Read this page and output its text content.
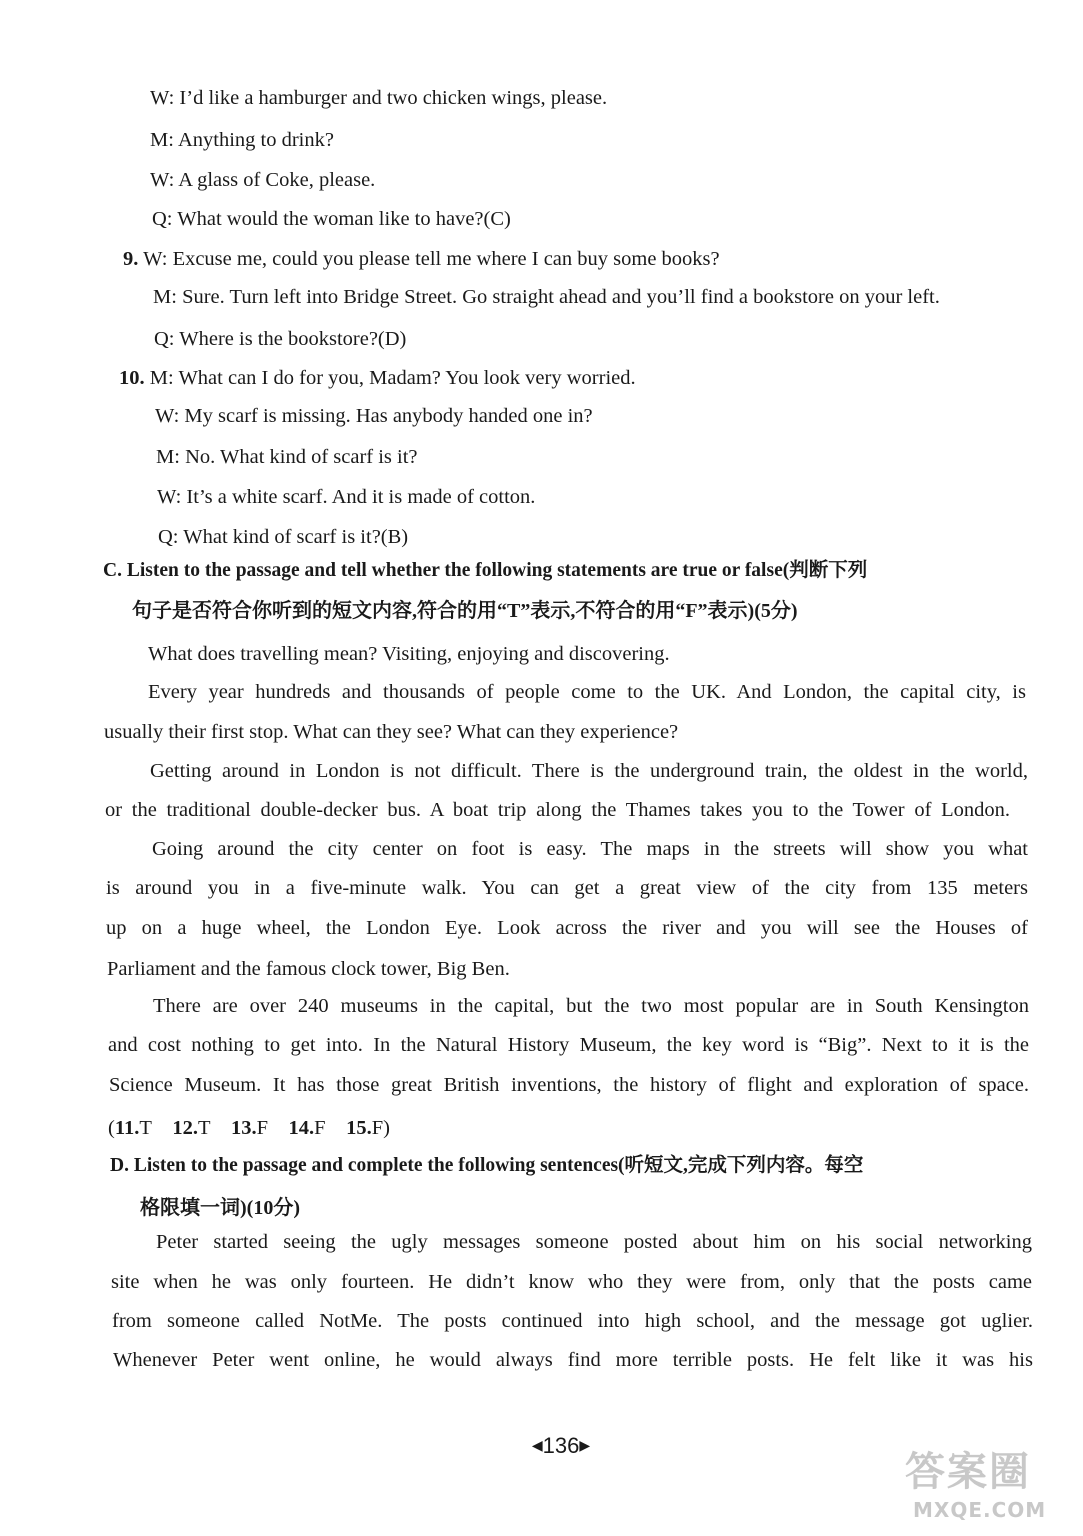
W: I’d like a hamburger and two chicken wings, please.
M: Anything to drink?
W: A glass of Coke, please.
Q: What would the woman like to have?(C)
9. W: Excuse me, could you please tell me where I can buy some books?
M: Sure. Turn left into Bridge Street. Go straight ahead and you’ll find a bookstore on your left.
Q: Where is the bookstore?(D)
10. M: What can I do for you, Madam? You look very worried.
W: My scarf is missing. Has anybody handed one in?
M: No. What kind of scarf is it?
W: It’s a white scarf. And it is made of cotton.
Q: What kind of scarf is it?(B)
C. Listen to the passage and tell whether the following statements are true or false(判断下列
句子是否符合你听到的短文内容,符合的用“T”表示,不符合的用“F”表示)(5分)
What does travelling mean? Visiting, enjoying and discovering.
Every year hundreds and thousands of people come to the UK. And London, the capital city, is
usually their first stop. What can they see? What can they experience?
Getting around in London is not difficult. There is the underground train, the oldest in the world,
or the traditional double-decker bus. A boat trip along the Thames takes you to the Tower of London.
Going around the city center on foot is easy. The maps in the streets will show you what
is around you in a five-minute walk. You can get a great view of the city from 135 meters
up on a huge wheel, the London Eye. Look across the river and you will see the Houses of
Parliament and the famous clock tower, Big Ben.
There are over 240 museums in the capital, but the two most popular are in South Kensington
and cost nothing to get into. In the Natural History Museum, the key word is “Big”. Next to it is the
Science Museum. It has those great British inventions, the history of flight and exploration of space.
(11.T 12.T 13.F 14.F 15.F)
D. Listen to the passage and complete the following sentences(听短文,完成下列内容。每空
格限填一词)(10分)
Peter started seeing the ugly messages someone posted about him on his social networking
site when he was only fourteen. He didn’t know who they were from, only that the posts came
from someone called NotMe. The posts continued into high school, and the message got uglier.
Whenever Peter went online, he would always find more terrible posts. He felt like it was his
◀136▶
答案圈
MXQE.COM
